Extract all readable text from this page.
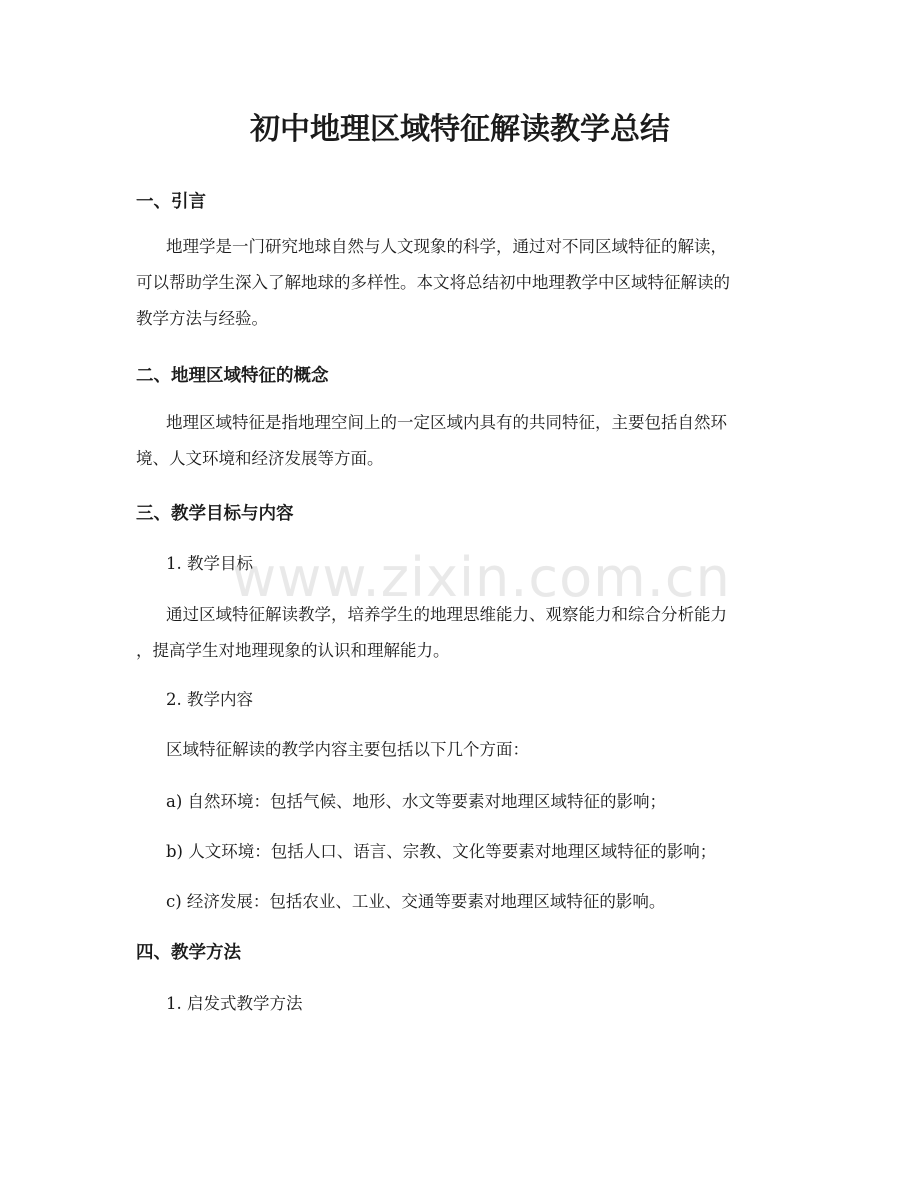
初中地理区域特征解读教学总结
一、引言
地理学是一门研究地球自然与人文现象的科学，通过对不同区域特征的解读，
可以帮助学生深入了解地球的多样性。本文将总结初中地理教学中区域特征解读的
教学方法与经验。
二、地理区域特征的概念
地理区域特征是指地理空间上的一定区域内具有的共同特征，主要包括自然环
境、人文环境和经济发展等方面。
三、教学目标与内容
1. 教学目标
通过区域特征解读教学，培养学生的地理思维能力、观察能力和综合分析能力
，提高学生对地理现象的认识和理解能力。
2. 教学内容
区域特征解读的教学内容主要包括以下几个方面：
a) 自然环境：包括气候、地形、水文等要素对地理区域特征的影响；
b) 人文环境：包括人口、语言、宗教、文化等要素对地理区域特征的影响；
c) 经济发展：包括农业、工业、交通等要素对地理区域特征的影响。
四、教学方法
1. 启发式教学方法
www.zixin.com.cn
